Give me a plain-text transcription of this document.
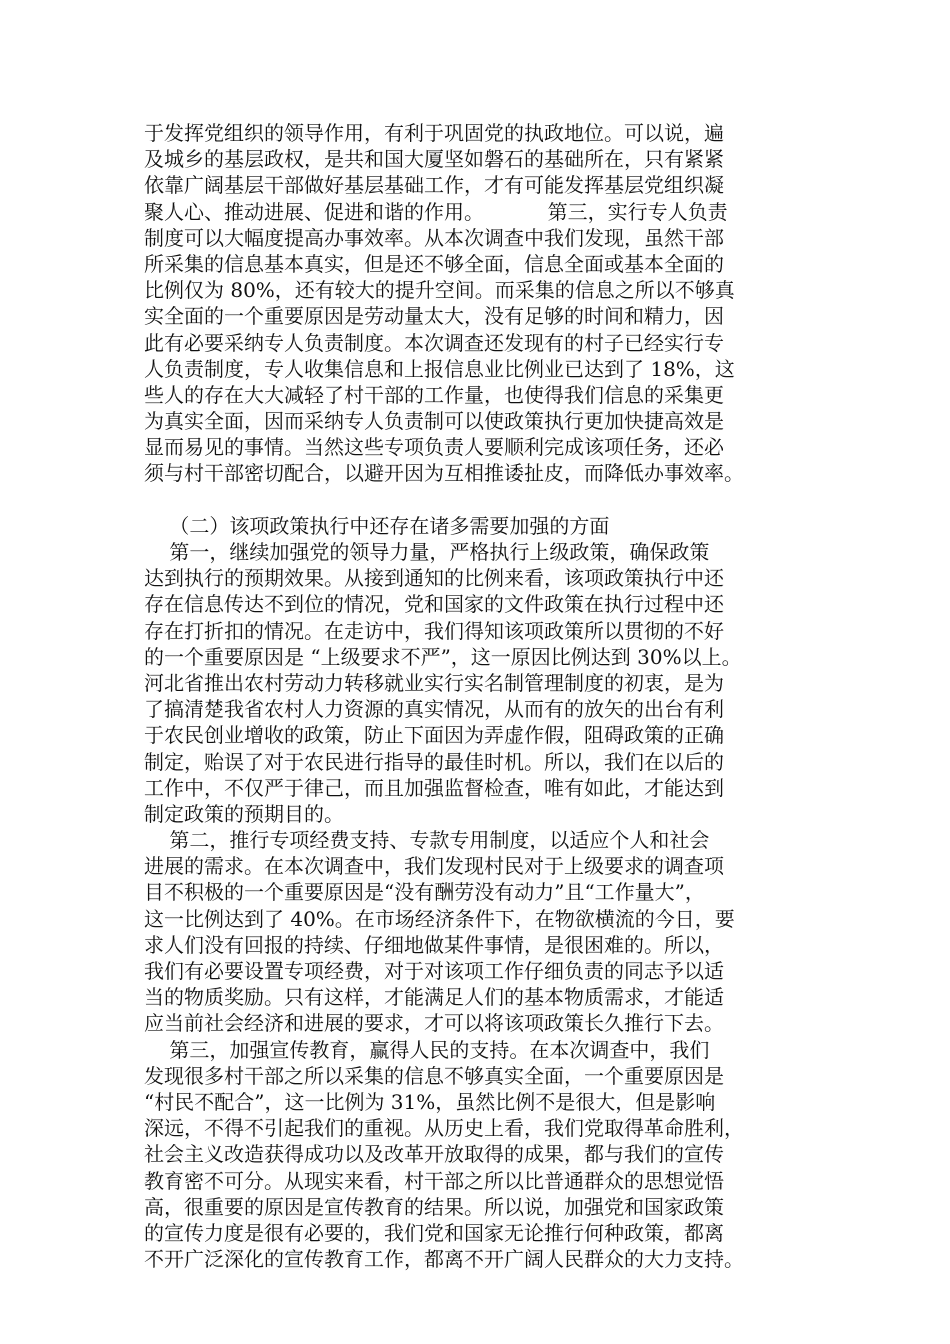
于发挥党组织的领导作用，有利于巩固党的执政地位。可以说，遍
及城乡的基层政权，是共和国大厦坚如磐石的基础所在，只有紧紧
依靠广阔基层干部做好基层基础工作，才有可能发挥基层党组织凝
聚人心、推动进展、促进和谐的作用。          第三，实行专人负责
制度可以大幅度提高办事效率。从本次调查中我们发现，虽然干部
所采集的信息基本真实，但是还不够全面，信息全面或基本全面的
比例仅为 80%，还有较大的提升空间。而采集的信息之所以不够真
实全面的一个重要原因是劳动量太大，没有足够的时间和精力，因
此有必要采纳专人负责制度。本次调查还发现有的村子已经实行专
人负责制度，专人收集信息和上报信息业比例业已达到了 18%，这
些人的存在大大减轻了村干部的工作量，也使得我们信息的采集更
为真实全面，因而采纳专人负责制可以使政策执行更加快捷高效是
显而易见的事情。当然这些专项负责人要顺利完成该项任务，还必
须与村干部密切配合，以避开因为互相推诿扯皮，而降低办事效率。
（二）该项政策执行中还存在诸多需要加强的方面
第一，继续加强党的领导力量，严格执行上级政策，确保政策
达到执行的预期效果。从接到通知的比例来看，该项政策执行中还
存在信息传达不到位的情况，党和国家的文件政策在执行过程中还
存在打折扣的情况。在走访中，我们得知该项政策所以贯彻的不好
的一个重要原因是 “上级要求不严”，这一原因比例达到 30%以上。
河北省推出农村劳动力转移就业实行实名制管理制度的初衷，是为
了搞清楚我省农村人力资源的真实情况，从而有的放矢的出台有利
于农民创业增收的政策，防止下面因为弄虚作假，阻碍政策的正确
制定，贻误了对于农民进行指导的最佳时机。所以，我们在以后的
工作中，不仅严于律己，而且加强监督检查，唯有如此，才能达到
制定政策的预期目的。
第二，推行专项经费支持、专款专用制度，以适应个人和社会
进展的需求。在本次调查中，我们发现村民对于上级要求的调查项
目不积极的一个重要原因是“没有酬劳没有动力”且“工作量大”，
这一比例达到了 40%。在市场经济条件下，在物欲横流的今日，要
求人们没有回报的持续、仔细地做某件事情，是很困难的。所以，
我们有必要设置专项经费，对于对该项工作仔细负责的同志予以适
当的物质奖励。只有这样，才能满足人们的基本物质需求，才能适
应当前社会经济和进展的要求，才可以将该项政策长久推行下去。
第三，加强宣传教育，赢得人民的支持。在本次调查中，我们
发现很多村干部之所以采集的信息不够真实全面，一个重要原因是
“村民不配合”，这一比例为 31%，虽然比例不是很大，但是影响
深远，不得不引起我们的重视。从历史上看，我们党取得革命胜利，
社会主义改造获得成功以及改革开放取得的成果，都与我们的宣传
教育密不可分。从现实来看，村干部之所以比普通群众的思想觉悟
高，很重要的原因是宣传教育的结果。所以说，加强党和国家政策
的宣传力度是很有必要的，我们党和国家无论推行何种政策，都离
不开广泛深化的宣传教育工作，都离不开广阔人民群众的大力支持。
